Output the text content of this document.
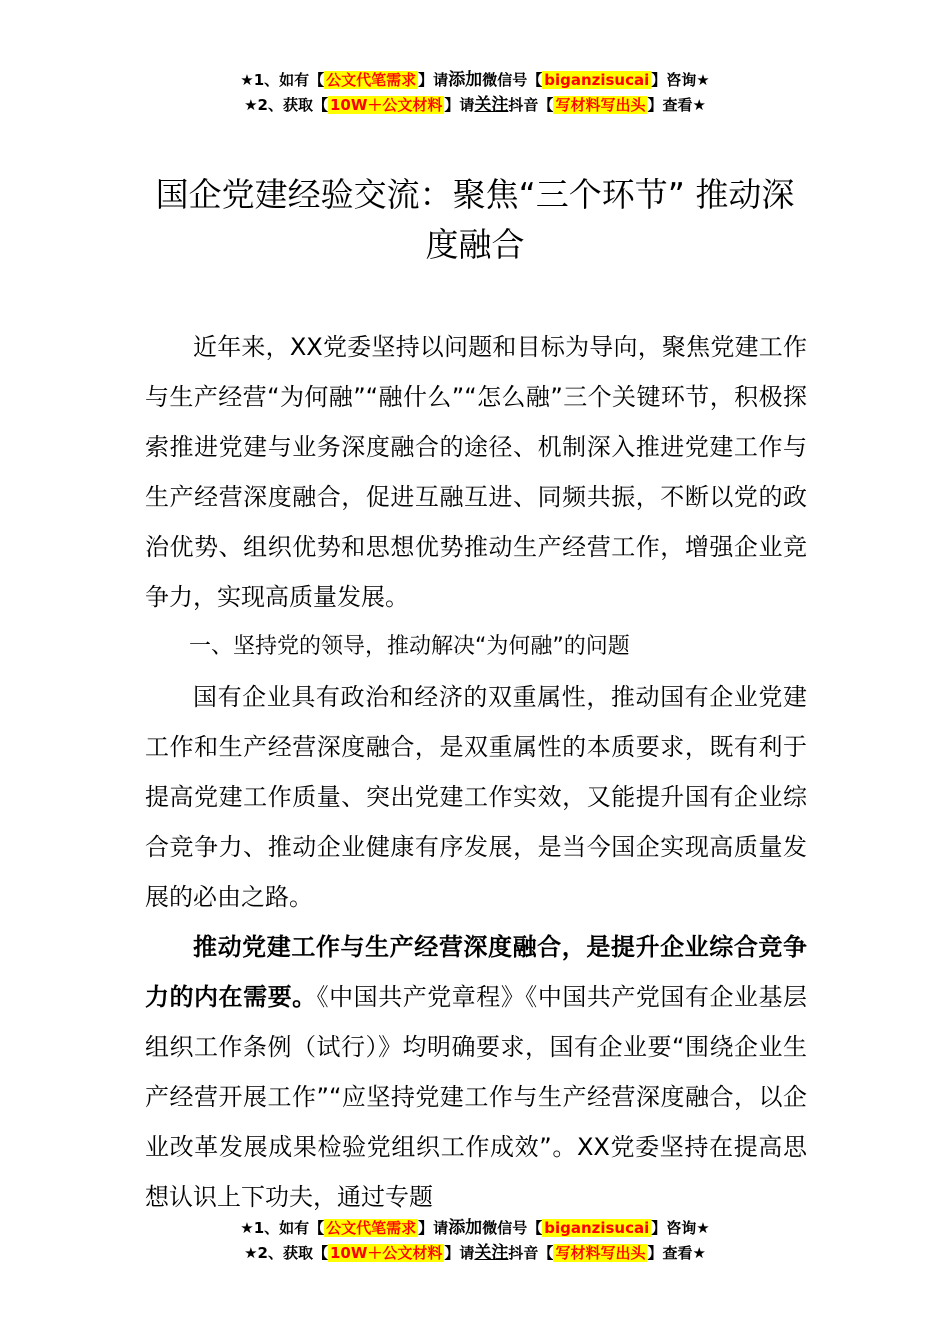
★1、如有【 公文代笔需求 】请添加微信号【 biganzisucai 】咨询★
★2、获取【 10W＋公文材料 】请关注抖音【 写材料写出头 】查看★
国企党建经验交流：聚焦“三个环节” 推动深度融合

近年来，XX党委坚持以问题和目标为导向，聚焦党建工作与生产经营“为何融”“融什么”“怎么融”三个关键环节，积极探索推进党建与业务深度融合的途径、机制深入推进党建工作与生产经营深度融合，促进互融互进、同频共振，不断以党的政治优势、组织优势和思想优势推动生产经营工作，增强企业竞争力，实现高质量发展。

一、坚持党的领导，推动解决“为何融”的问题

国有企业具有政治和经济的双重属性，推动国有企业党建工作和生产经营深度融合，是双重属性的本质要求，既有利于提高党建工作质量、突出党建工作实效，又能提升国有企业综合竞争力、推动企业健康有序发展，是当今国企实现高质量发展的必由之路。

推动党建工作与生产经营深度融合，是提升企业综合竞争力的内在需要。《中国共产党章程》《中国共产党国有企业基层组织工作条例（试行）》均明确要求，国有企业要“围绕企业生产经营开展工作”“应坚持党建工作与生产经营深度融合，以企业改革发展成果检验党组织工作成效”。XX党委坚持在提高思想认识上下功夫，通过专题

★1、如有【 公文代笔需求 】请添加微信号【 biganzisucai 】咨询★
★2、获取【 10W＋公文材料 】请关注抖音【 写材料写出头 】查看★
